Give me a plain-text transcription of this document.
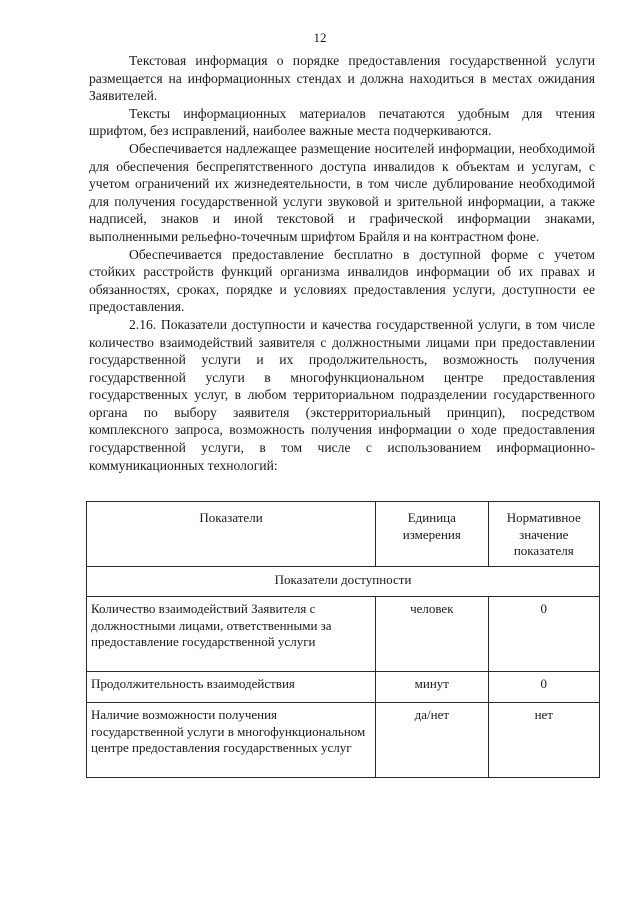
12

Текстовая информация о порядке предоставления государственной услуги размещается на информационных стендах и должна находиться в местах ожидания Заявителей.

Тексты информационных материалов печатаются удобным для чтения шрифтом, без исправлений, наиболее важные места подчеркиваются.

Обеспечивается надлежащее размещение носителей информации, необходимой для обеспечения беспрепятственного доступа инвалидов к объектам и услугам, с учетом ограничений их жизнедеятельности, в том числе дублирование необходимой для получения государственной услуги звуковой и зрительной информации, а также надписей, знаков и иной текстовой и графической информации знаками, выполненными рельефно-точечным шрифтом Брайля и на контрастном фоне.

Обеспечивается предоставление бесплатно в доступной форме с учетом стойких расстройств функций организма инвалидов информации об их правах и обязанностях, сроках, порядке и условиях предоставления услуги, доступности ее предоставления.

2.16. Показатели доступности и качества государственной услуги, в том числе количество взаимодействий заявителя с должностными лицами при предоставлении государственной услуги и их продолжительность, возможность получения государственной услуги в многофункциональном центре предоставления государственных услуг, в любом территориальном подразделении государственного органа по выбору заявителя (экстерриториальный принцип), посредством комплексного запроса, возможность получения информации о ходе предоставления государственной услуги, в том числе с использованием информационно-коммуникационных технологий:

Показатели	Единица измерения	Нормативное значение показателя
Показатели доступности		
Количество взаимодействий Заявителя с должностными лицами, ответственными за предоставление государственной услуги	человек	0
Продолжительность взаимодействия	минут	0
Наличие возможности получения государственной услуги в многофункциональном центре предоставления государственных услуг	да/нет	нет
